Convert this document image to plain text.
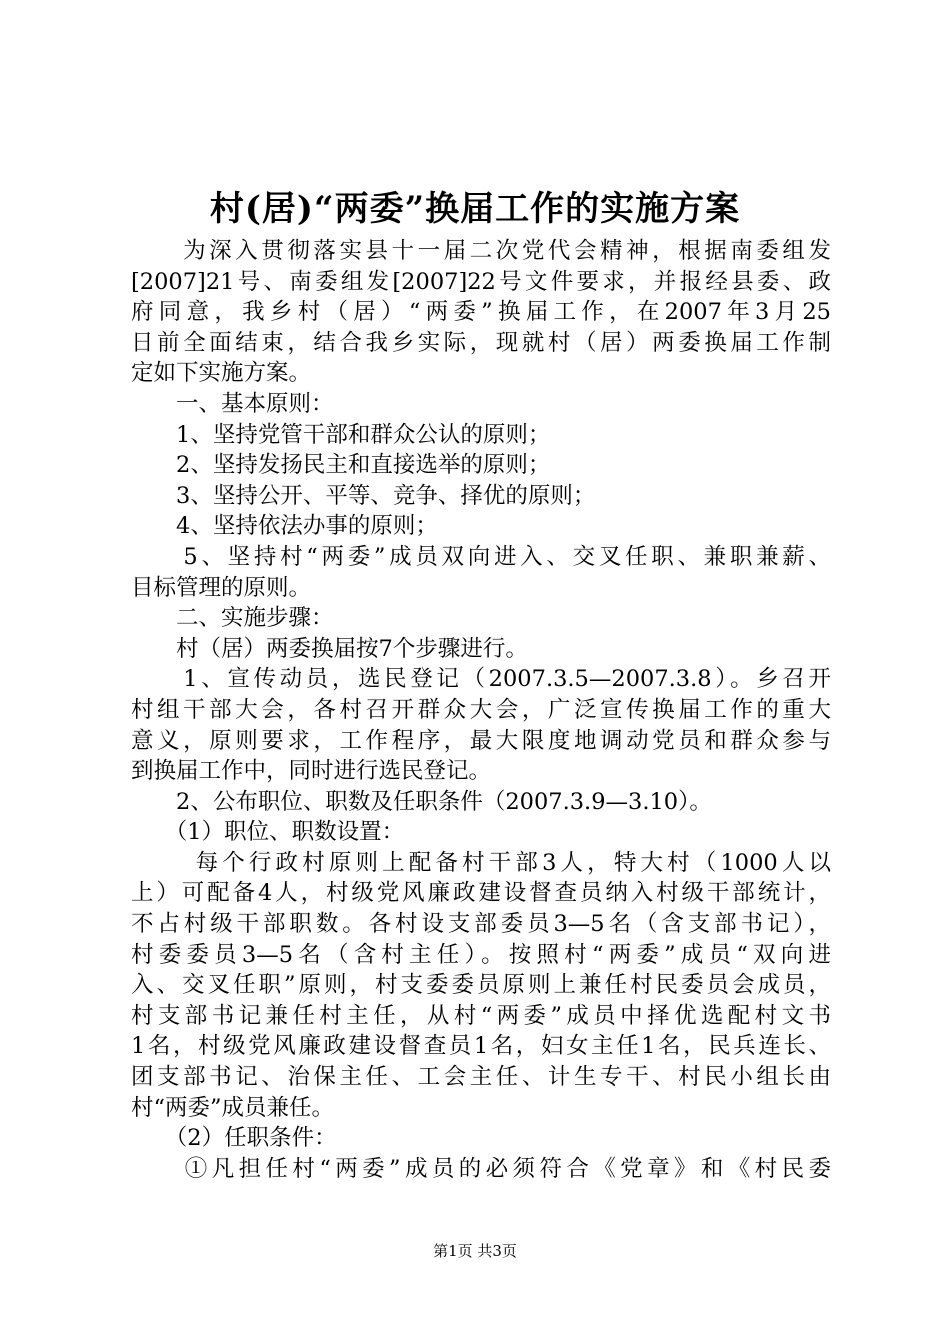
村(居)“两委”换届工作的实施方案
　　为深入贯彻落实县十一届二次党代会精神，根据南委组发
[2007]21号、南委组发[2007]22号文件要求，并报经县委、政
府同意，我乡村（居）“两委”换届工作，在2007年3月25
日前全面结束，结合我乡实际，现就村（居）两委换届工作制
定如下实施方案。
　　一、基本原则：
　　1、坚持党管干部和群众公认的原则；
　　2、坚持发扬民主和直接选举的原则；
　　3、坚持公开、平等、竞争、择优的原则；
　　4、坚持依法办事的原则；
　　5、坚持村“两委”成员双向进入、交叉任职、兼职兼薪、
目标管理的原则。
　　二、实施步骤：
　　村（居）两委换届按7个步骤进行。
　　1、宣传动员，选民登记（2007.3.5—2007.3.8）。乡召开
村组干部大会，各村召开群众大会，广泛宣传换届工作的重大
意义，原则要求，工作程序，最大限度地调动党员和群众参与
到换届工作中，同时进行选民登记。
　　2、公布职位、职数及任职条件（2007.3.9—3.10）。
　　（1）职位、职数设置：
　　 每个行政村原则上配备村干部3人，特大村（1000人以
上）可配备4人，村级党风廉政建设督查员纳入村级干部统计，
不占村级干部职数。各村设支部委员3—5名（含支部书记），
村委委员3—5名（含村主任）。按照村“两委”成员“双向进
入、交叉任职”原则，村支委委员原则上兼任村民委员会成员，
村支部书记兼任村主任，从村“两委”成员中择优选配村文书
1名，村级党风廉政建设督查员1名，妇女主任1名，民兵连长、
团支部书记、治保主任、工会主任、计生专干、村民小组长由
村“两委”成员兼任。
　　（2）任职条件：
　　①凡担任村“两委”成员的必须符合《党章》和《村民委
第1页 共3页
